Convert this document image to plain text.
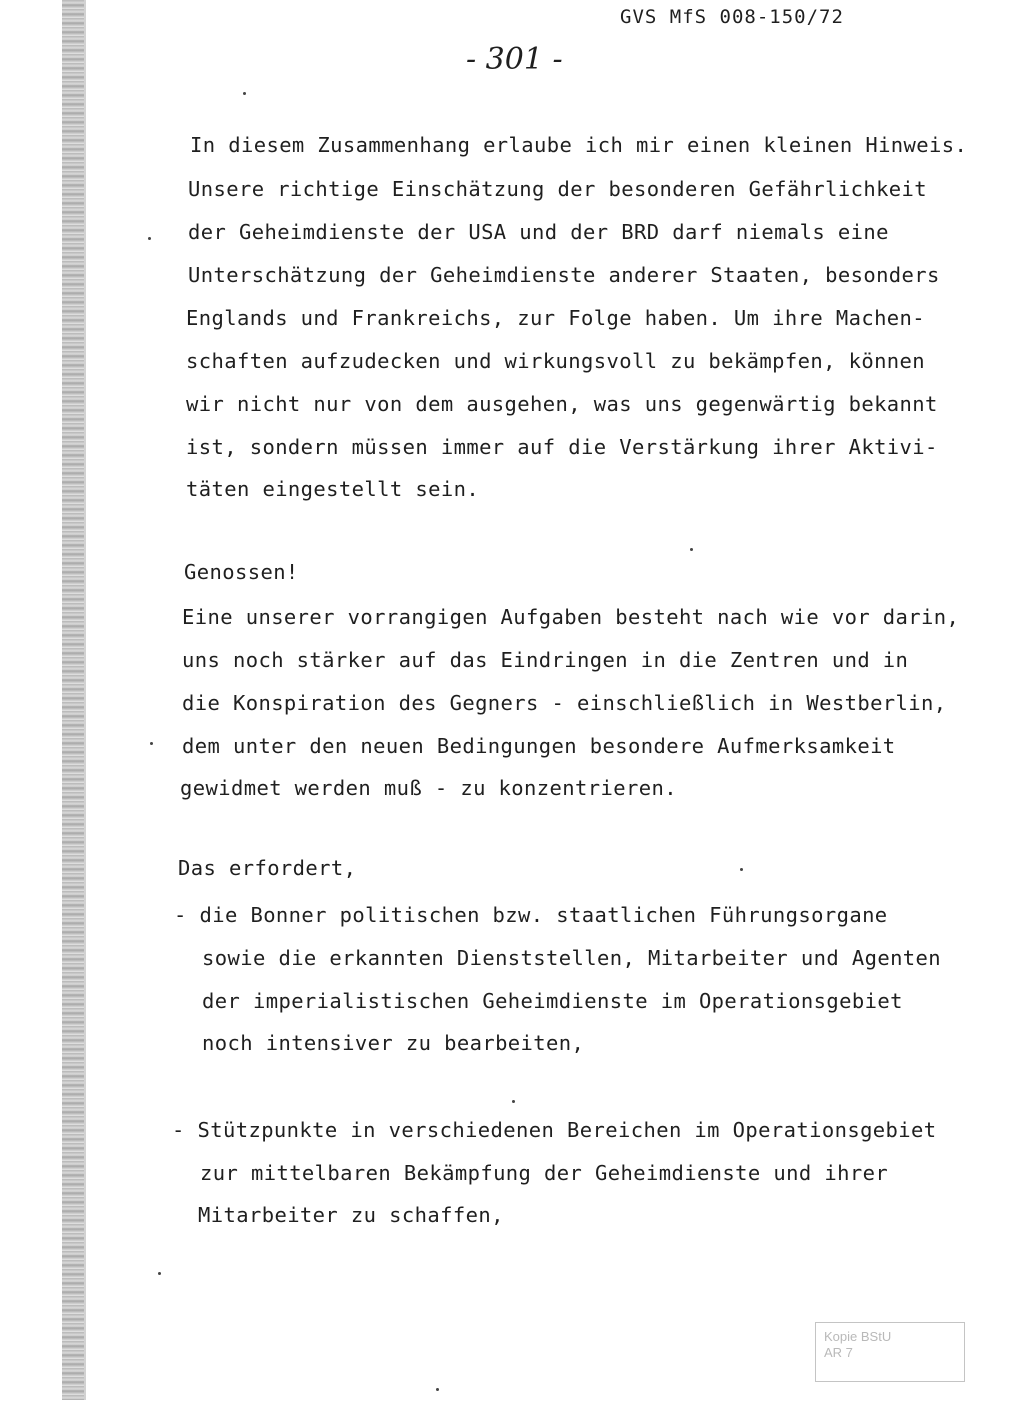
GVS MfS 008-150/72
- 301 -
In diesem Zusammenhang erlaube ich mir einen kleinen Hinweis.
Unsere richtige Einschätzung der besonderen Gefährlichkeit
der Geheimdienste der USA und der BRD darf niemals eine
Unterschätzung der Geheimdienste anderer Staaten, besonders
Englands und Frankreichs, zur Folge haben. Um ihre Machen-
schaften aufzudecken und wirkungsvoll zu bekämpfen, können
wir nicht nur von dem ausgehen, was uns gegenwärtig bekannt
ist, sondern müssen immer auf die Verstärkung ihrer Aktivi-
täten eingestellt sein.
Genossen!
Eine unserer vorrangigen Aufgaben besteht nach wie vor darin,
uns noch stärker auf das Eindringen in die Zentren und in
die Konspiration des Gegners - einschließlich in Westberlin,
dem unter den neuen Bedingungen besondere Aufmerksamkeit
gewidmet werden muß - zu konzentrieren.
Das erfordert,
- die Bonner politischen bzw. staatlichen Führungsorgane
sowie die erkannten Dienststellen, Mitarbeiter und Agenten
der imperialistischen Geheimdienste im Operationsgebiet
noch intensiver zu bearbeiten,
- Stützpunkte in verschiedenen Bereichen im Operationsgebiet
zur mittelbaren Bekämpfung der Geheimdienste und ihrer
Mitarbeiter zu schaffen,
Kopie BStU
AR 7
